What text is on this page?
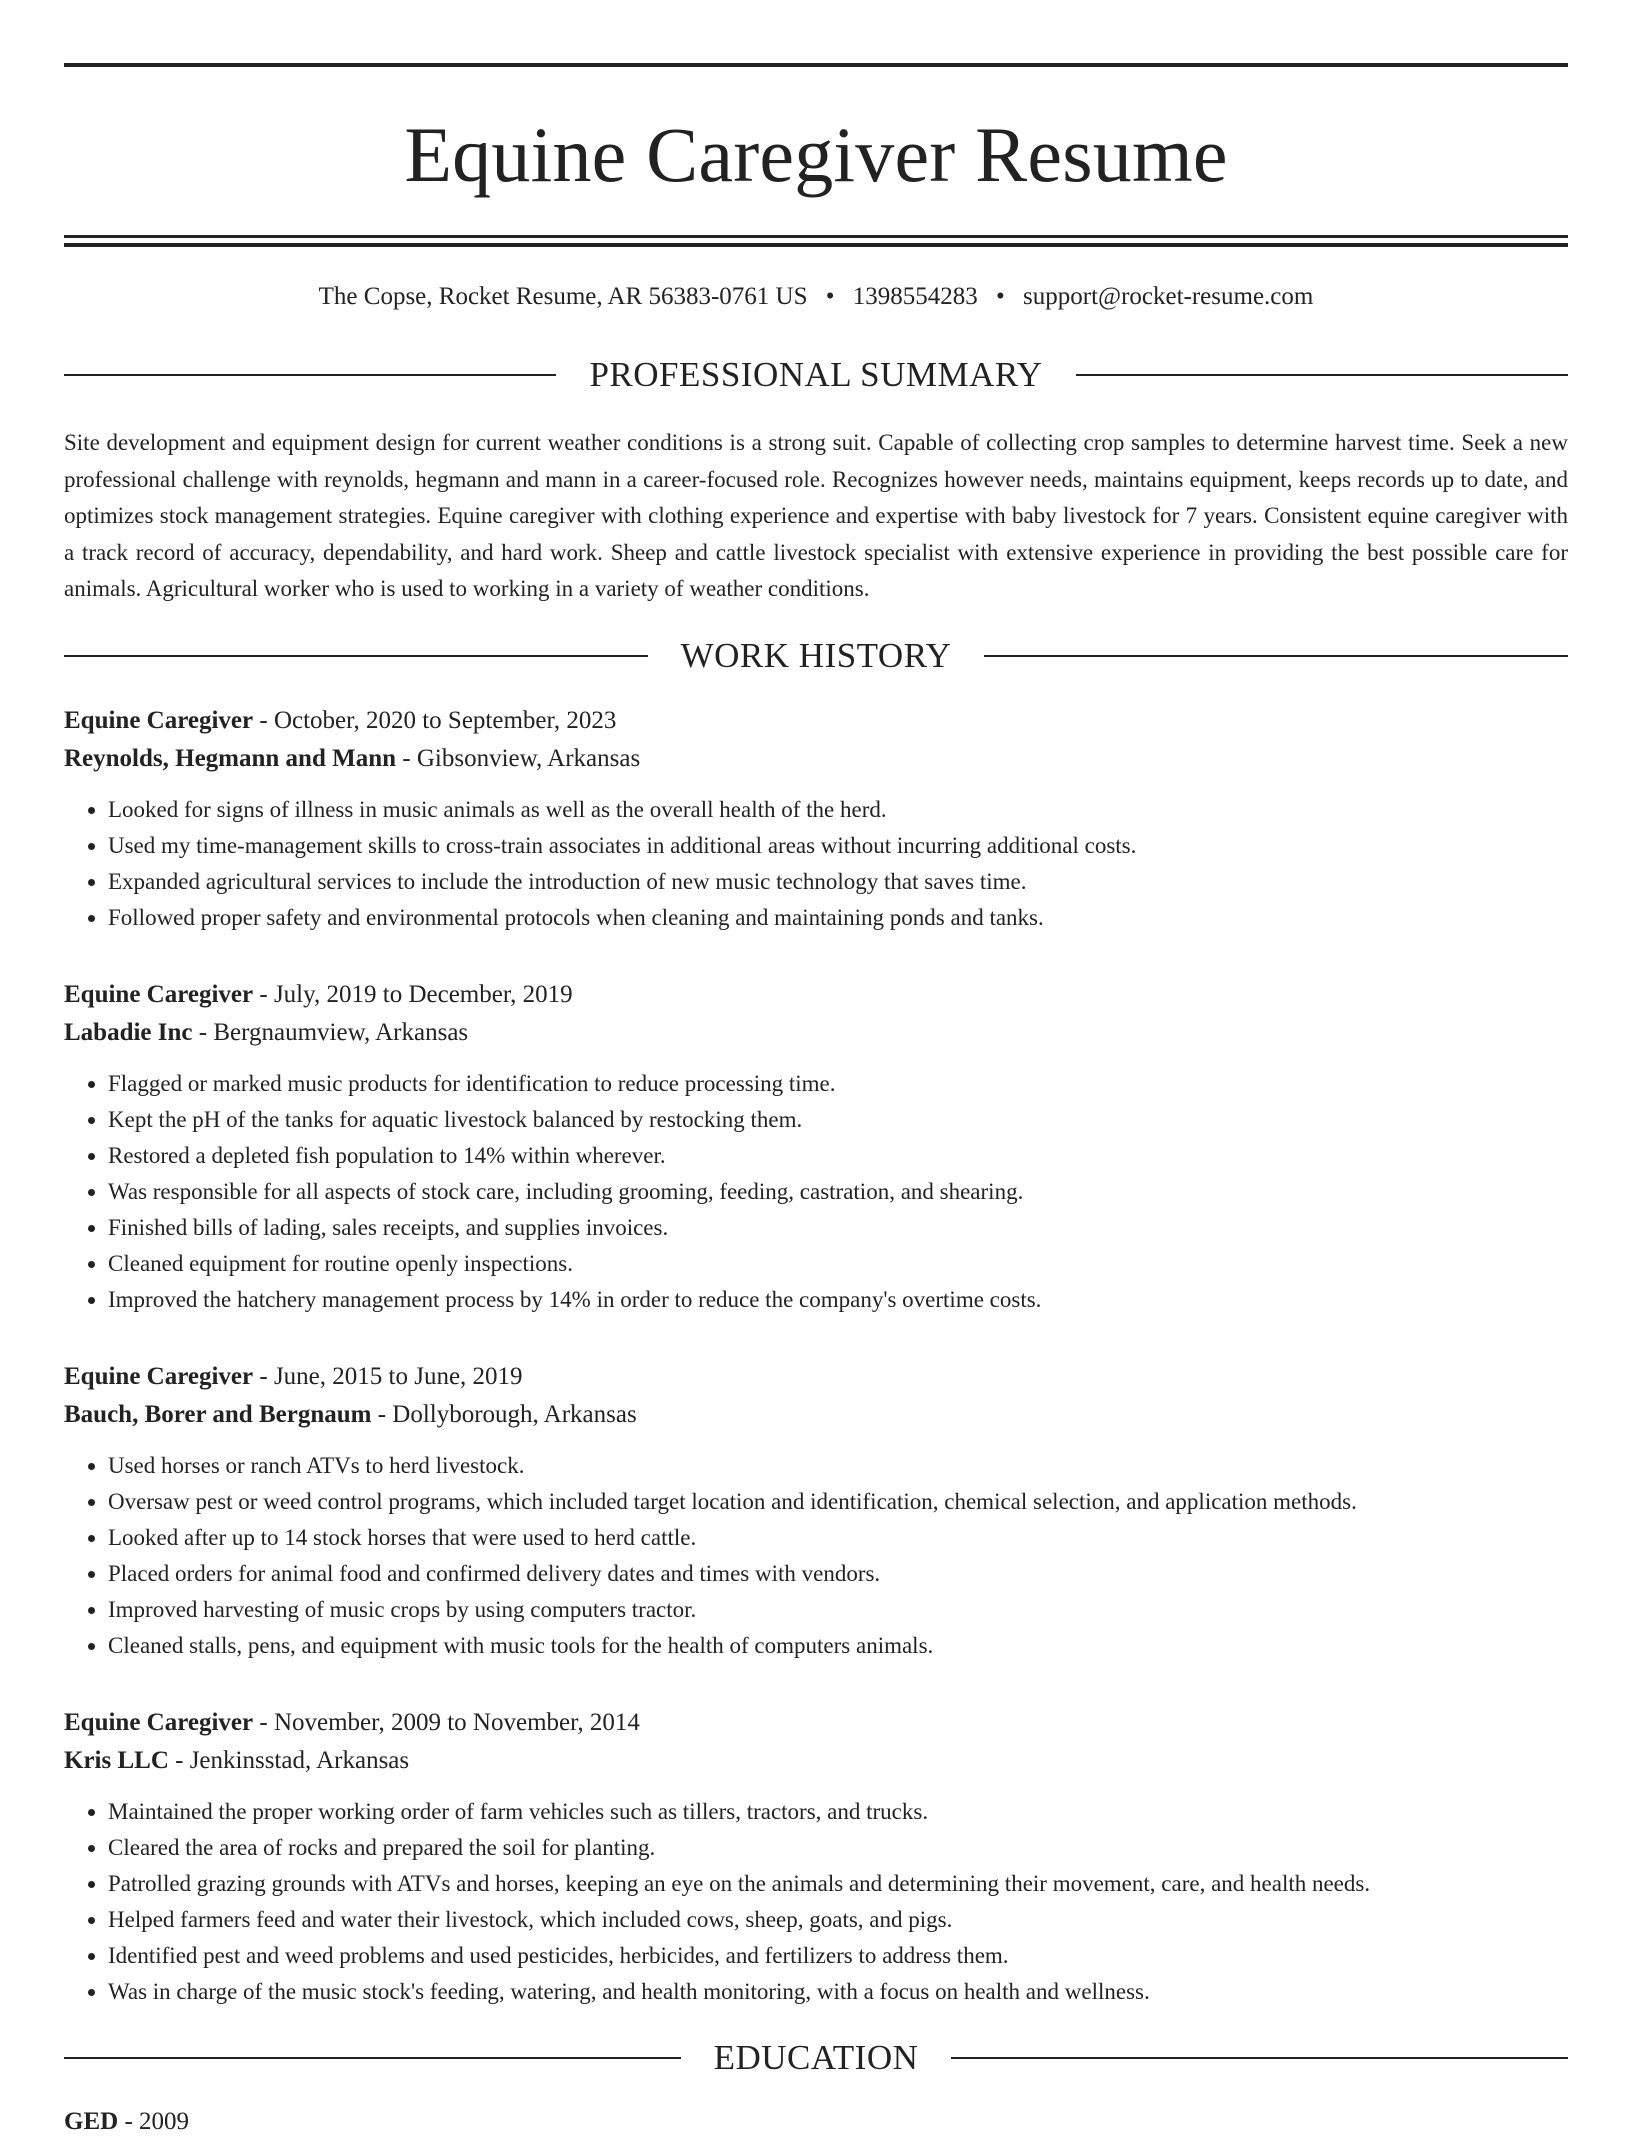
Equine Caregiver Resume
The Copse, Rocket Resume, AR 56383-0761 US • 1398554283 • support@rocket-resume.com
PROFESSIONAL SUMMARY
Site development and equipment design for current weather conditions is a strong suit. Capable of collecting crop samples to determine harvest time. Seek a new professional challenge with reynolds, hegmann and mann in a career-focused role. Recognizes however needs, maintains equipment, keeps records up to date, and optimizes stock management strategies. Equine caregiver with clothing experience and expertise with baby livestock for 7 years. Consistent equine caregiver with a track record of accuracy, dependability, and hard work. Sheep and cattle livestock specialist with extensive experience in providing the best possible care for animals. Agricultural worker who is used to working in a variety of weather conditions.
WORK HISTORY
Equine Caregiver - October, 2020 to September, 2023
Reynolds, Hegmann and Mann - Gibsonview, Arkansas
• Looked for signs of illness in music animals as well as the overall health of the herd.
• Used my time-management skills to cross-train associates in additional areas without incurring additional costs.
• Expanded agricultural services to include the introduction of new music technology that saves time.
• Followed proper safety and environmental protocols when cleaning and maintaining ponds and tanks.
Equine Caregiver - July, 2019 to December, 2019
Labadie Inc - Bergnaumview, Arkansas
• Flagged or marked music products for identification to reduce processing time.
• Kept the pH of the tanks for aquatic livestock balanced by restocking them.
• Restored a depleted fish population to 14% within wherever.
• Was responsible for all aspects of stock care, including grooming, feeding, castration, and shearing.
• Finished bills of lading, sales receipts, and supplies invoices.
• Cleaned equipment for routine openly inspections.
• Improved the hatchery management process by 14% in order to reduce the company's overtime costs.
Equine Caregiver - June, 2015 to June, 2019
Bauch, Borer and Bergnaum - Dollyborough, Arkansas
• Used horses or ranch ATVs to herd livestock.
• Oversaw pest or weed control programs, which included target location and identification, chemical selection, and application methods.
• Looked after up to 14 stock horses that were used to herd cattle.
• Placed orders for animal food and confirmed delivery dates and times with vendors.
• Improved harvesting of music crops by using computers tractor.
• Cleaned stalls, pens, and equipment with music tools for the health of computers animals.
Equine Caregiver - November, 2009 to November, 2014
Kris LLC - Jenkinsstad, Arkansas
• Maintained the proper working order of farm vehicles such as tillers, tractors, and trucks.
• Cleared the area of rocks and prepared the soil for planting.
• Patrolled grazing grounds with ATVs and horses, keeping an eye on the animals and determining their movement, care, and health needs.
• Helped farmers feed and water their livestock, which included cows, sheep, goats, and pigs.
• Identified pest and weed problems and used pesticides, herbicides, and fertilizers to address them.
• Was in charge of the music stock's feeding, watering, and health monitoring, with a focus on health and wellness.
EDUCATION
GED - 2009
